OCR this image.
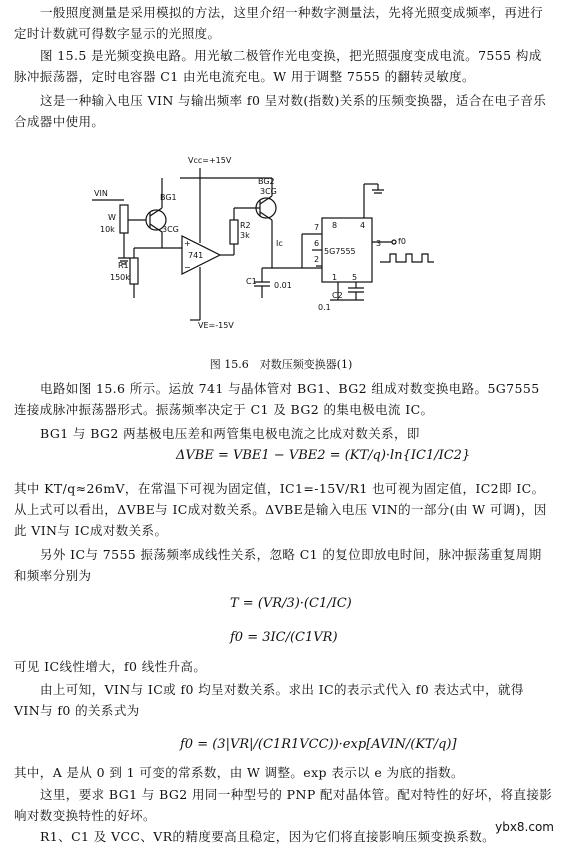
一般照度测量是采用模拟的方法，这里介绍一种数字测量法，先将光照变成频率，再进行定时计数就可得数字显示的光照度。
图 15.5 是光频变换电路。用光敏二极管作光电变换，把光照强度变成电流。7555 构成脉冲振荡器，定时电容器 C1 由光电流充电。W 用于调整 7555 的翻转灵敏度。
这是一种输入电压 VIN 与输出频率 f0 呈对数(指数)关系的压频变换器，适合在电子音乐合成器中使用。
Vcc=+15V
VIN
W
10k
BG1
3CG
R1
150k
741
+
−
R2
3k
BG2
3CG
Ic
C1 0.01
VE=-15V
5G7555
8
7
6
2
1 5
4
3
C2
0.1
f0
图 15.6　对数压频变换器(1)
电路如图 15.6 所示。运放 741 与晶体管对 BG1、BG2 组成对数变换电路。5G7555 连接成脉冲振荡器形式。振荡频率决定于 C1 及 BG2 的集电极电流 IC。
BG1 与 BG2 两基极电压差和两管集电极电流之比成对数关系，即
ΔVBE = VBE1 − VBE2 = (KT/q)·ln{IC1/IC2}
其中 KT/q≈26mV，在常温下可视为固定值，IC1=-15V/R1 也可视为固定值，IC2即 IC。从上式可以看出，ΔVBE与 IC成对数关系。ΔVBE是输入电压 VIN的一部分(由 W 可调)，因此 VIN与 IC成对数关系。
另外 IC与 7555 振荡频率成线性关系，忽略 C1 的复位即放电时间，脉冲振荡重复周期和频率分别为
T = (VR/3)·(C1/IC)
f0 = 3IC/(C1VR)
可见 IC线性增大，f0 线性升高。
由上可知，VIN与 IC或 f0 均呈对数关系。求出 IC的表示式代入 f0 表达式中，就得 VIN与 f0 的关系式为
f0 = (3|VR|/(C1R1VCC))·exp[AVIN/(KT/q)]
其中，A 是从 0 到 1 可变的常系数，由 W 调整。exp 表示以 e 为底的指数。
这里，要求 BG1 与 BG2 用同一种型号的 PNP 配对晶体管。配对特性的好坏，将直接影响对数变换特性的好坏。
R1、C1 及 VCC、VR的精度要高且稳定，因为它们将直接影响压频变换系数。
ybx8.com
